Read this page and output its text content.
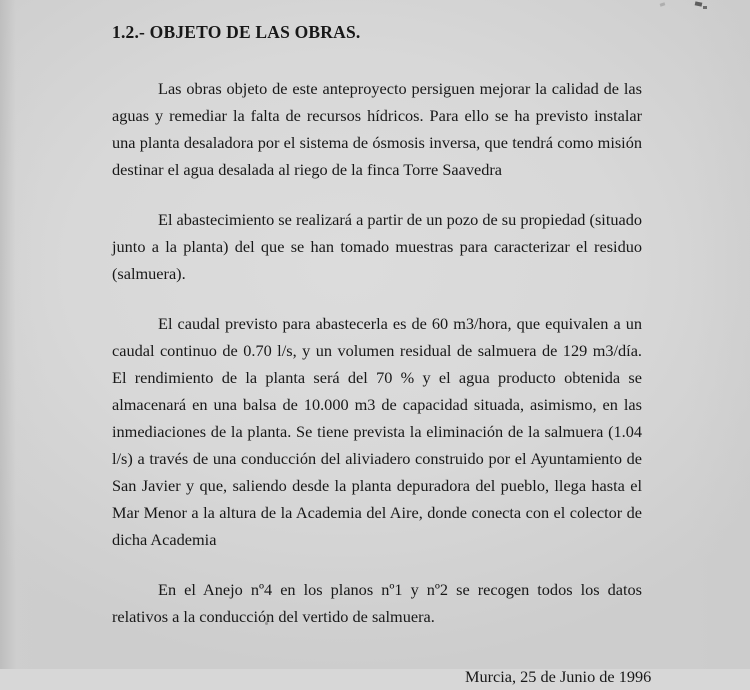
1.2.- OBJETO DE LAS OBRAS.

Las obras objeto de este anteproyecto persiguen mejorar la calidad de las aguas y remediar la falta de recursos hídricos. Para ello se ha previsto instalar una planta desaladora por el sistema de ósmosis inversa, que tendrá como misión destinar el agua desalada al riego de la finca Torre Saavedra

El abastecimiento se realizará a partir de un pozo de su propiedad (situado junto a la planta) del que se han tomado muestras para caracterizar el residuo (salmuera).

El caudal previsto para abastecerla es de 60 m3/hora, que equivalen a un caudal continuo de 0.70 l/s, y un volumen residual de salmuera de 129 m3/día. El rendimiento de la planta será del 70 % y el agua producto obtenida se almacenará en una balsa de 10.000 m3 de capacidad situada, asimismo, en las inmediaciones de la planta. Se tiene prevista la eliminación de la salmuera (1.04 l/s) a través de una conducción del aliviadero construido por el Ayuntamiento de San Javier y que, saliendo desde la planta depuradora del pueblo, llega hasta el Mar Menor a la altura de la Academia del Aire, donde conecta con el colector de dicha Academia

En el Anejo nº4 en los planos nº1 y nº2 se recogen todos los datos relativos a la conducción del vertido de salmuera.

Murcia, 25 de Junio de 1996
